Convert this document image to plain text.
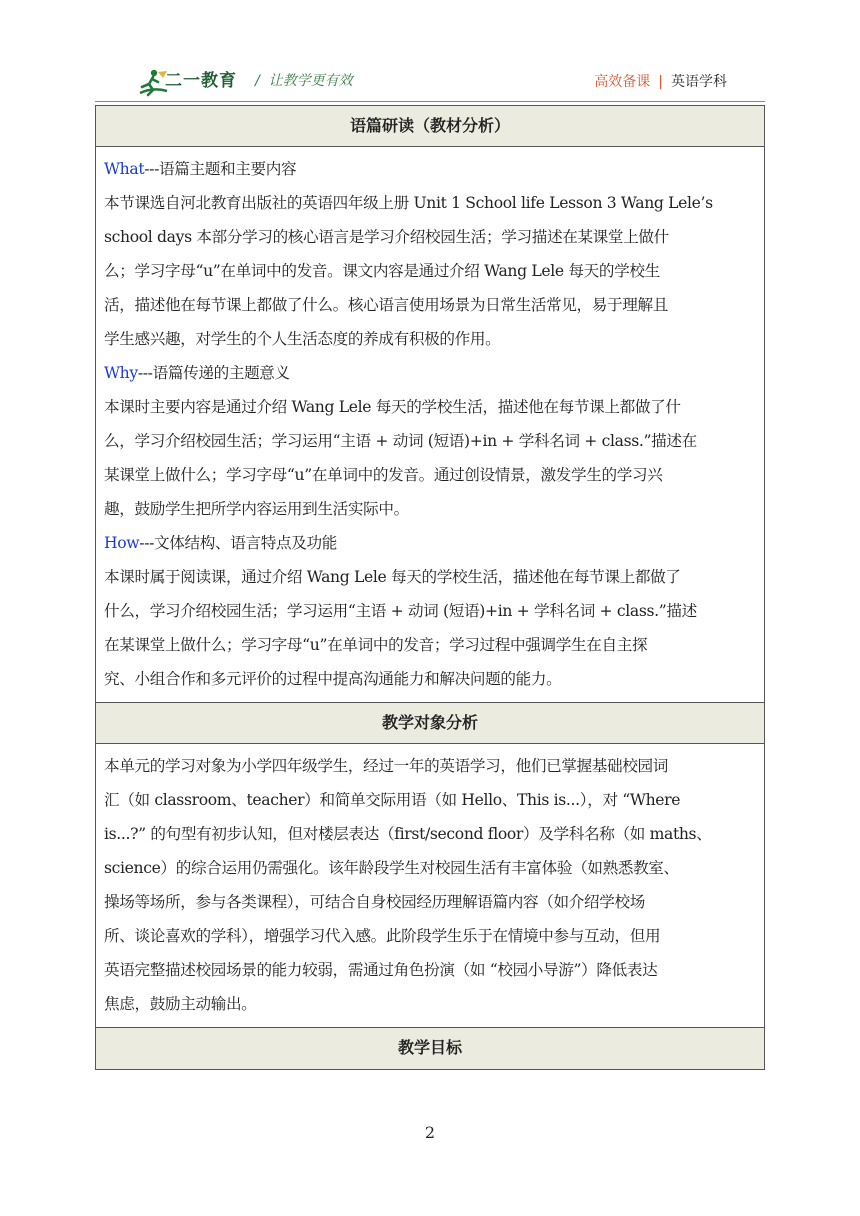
二一教育 /  让教学更有效	高效备课 | 英语学科
语篇研读（教材分析）
What---语篇主题和主要内容
本节课选自河北教育出版社的英语四年级上册 Unit 1 School life Lesson 3 Wang Lele’s
school days 本部分学习的核心语言是学习介绍校园生活；学习描述在某课堂上做什
么；学习字母“u”在单词中的发音。课文内容是通过介绍 Wang Lele 每天的学校生
活，描述他在每节课上都做了什么。核心语言使用场景为日常生活常见，易于理解且
学生感兴趣，对学生的个人生活态度的养成有积极的作用。
Why---语篇传递的主题意义
本课时主要内容是通过介绍 Wang Lele 每天的学校生活，描述他在每节课上都做了什
么，学习介绍校园生活；学习运用“主语 + 动词 (短语)+in + 学科名词 + class.”描述在
某课堂上做什么；学习字母“u”在单词中的发音。通过创设情景，激发学生的学习兴
趣，鼓励学生把所学内容运用到生活实际中。
How---文体结构、语言特点及功能
本课时属于阅读课，通过介绍 Wang Lele 每天的学校生活，描述他在每节课上都做了
什么，学习介绍校园生活；学习运用“主语 + 动词 (短语)+in + 学科名词 + class.”描述
在某课堂上做什么；学习字母“u”在单词中的发音；学习过程中强调学生在自主探
究、小组合作和多元评价的过程中提高沟通能力和解决问题的能力。
教学对象分析
本单元的学习对象为小学四年级学生，经过一年的英语学习，他们已掌握基础校园词
汇（如 classroom、teacher）和简单交际用语（如 Hello、This is...），对 “Where
is...?” 的句型有初步认知，但对楼层表达（first/second floor）及学科名称（如 maths、
science）的综合运用仍需强化。该年龄段学生对校园生活有丰富体验（如熟悉教室、
操场等场所，参与各类课程），可结合自身校园经历理解语篇内容（如介绍学校场
所、谈论喜欢的学科），增强学习代入感。此阶段学生乐于在情境中参与互动，但用
英语完整描述校园场景的能力较弱，需通过角色扮演（如 “校园小导游”）降低表达
焦虑，鼓励主动输出。
教学目标
2
